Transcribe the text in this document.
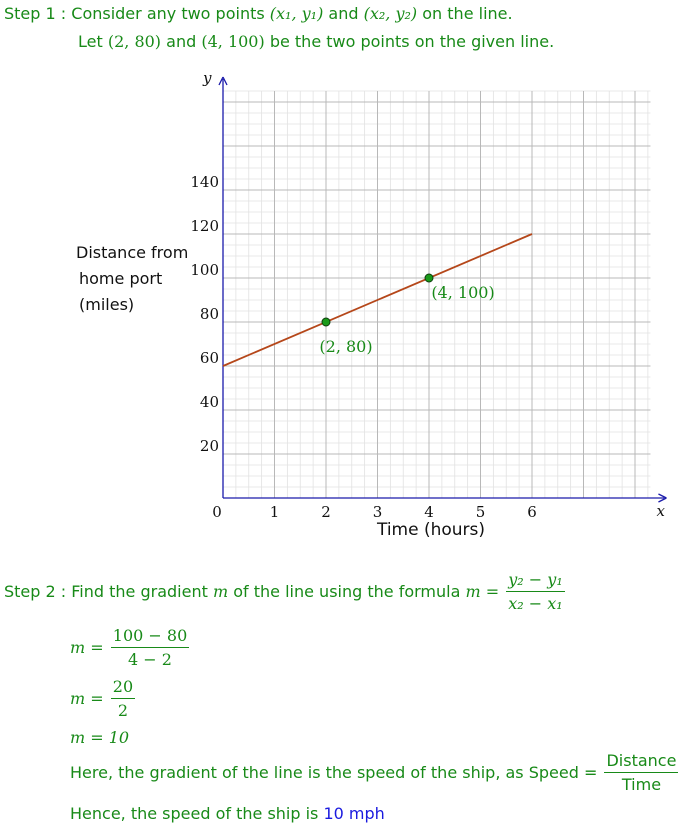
Step 1 : Consider any two points (x₁, y₁) and (x₂, y₂) on the line.
Let (2, 80) and (4, 100) be the two points on the given line.
Distance from
home port
(miles)
x
y
0	1	2	3	4	5	6
20
40
60
80
100
120
140
(2, 80)
(4, 100)
Time (hours)
Step 2 : Find the gradient m of the line using the formula $m = \frac{\text{y₂ − y₁}}{\text{x₂ − x₁}}$
$m = \frac{100 - 80}{4 - 2}$
$m = \frac{20}{2}$
m = 10
Here, the gradient of the line is the speed of the ship, as Speed = $\frac{\text{Distance}}{\text{Time}}$
Hence, the speed of the ship is 10 mph
